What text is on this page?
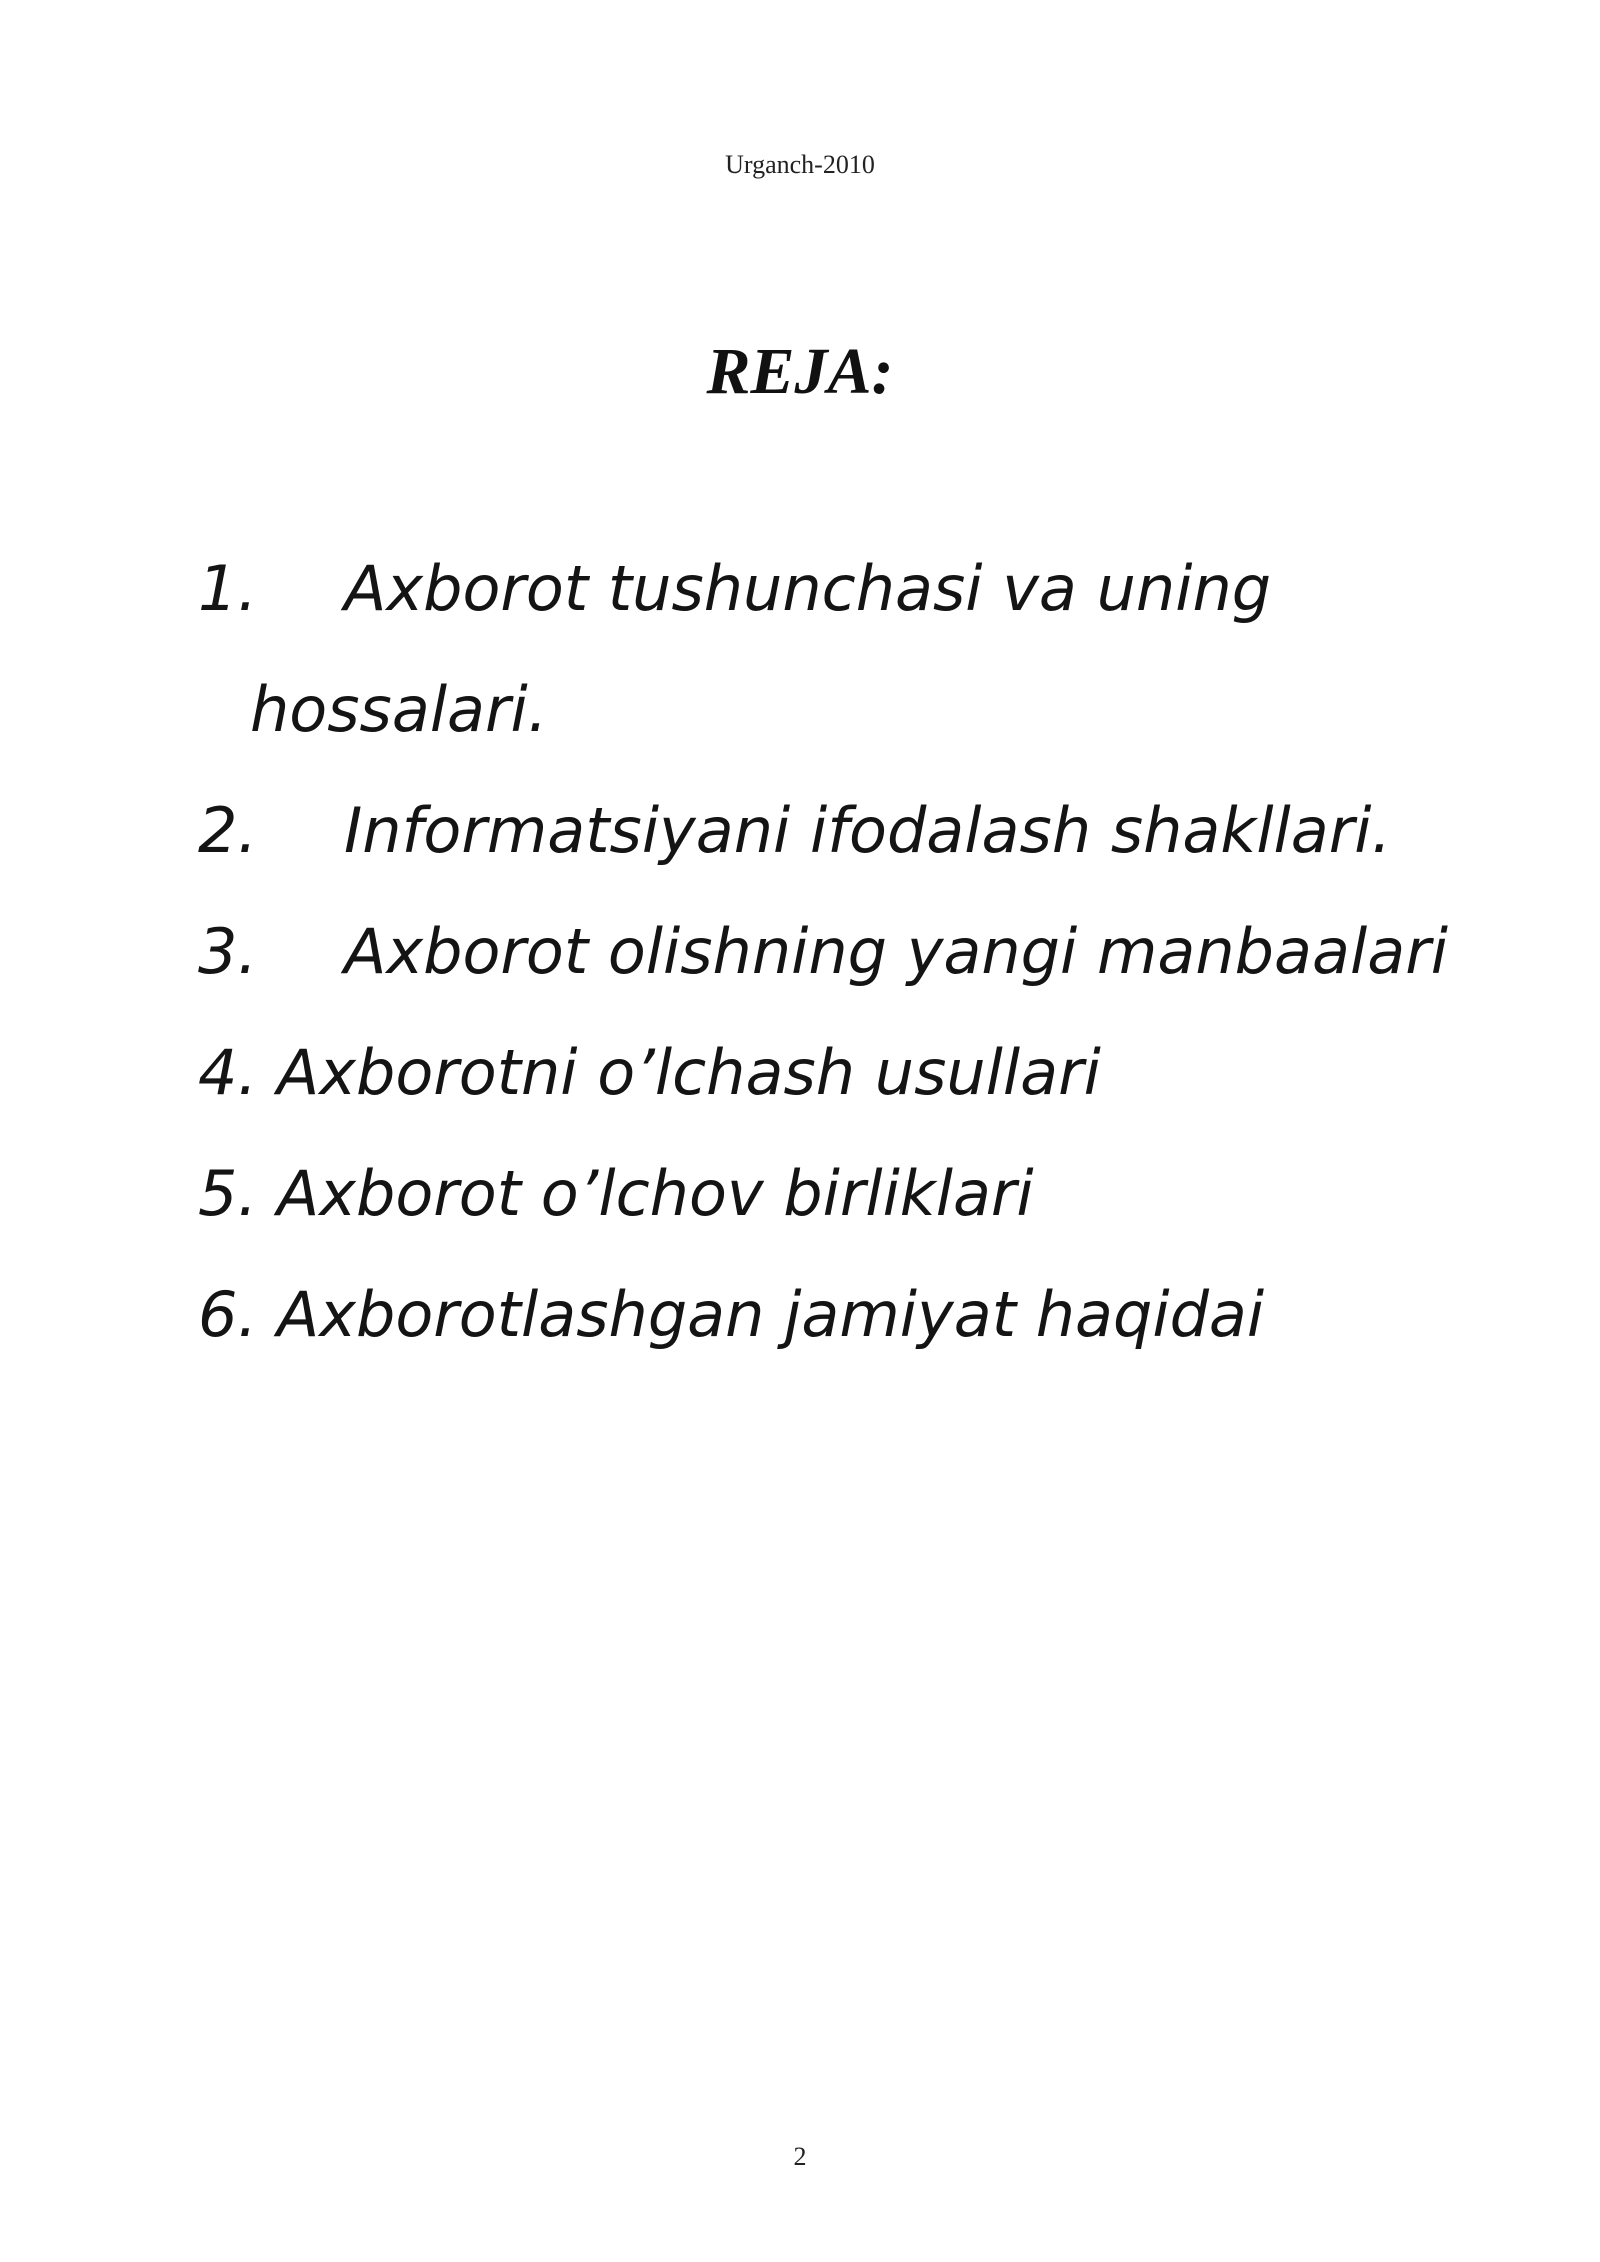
Urganch-2010
REJA:
1. Axborot tushunchasi va uning
hossalari.
2. Informatsiyani ifodalash shakllari.
3. Axborot olishning yangi manbaalari
4. Axborotni o’lchash usullari
5. Axborot o’lchov birliklari
6. Axborotlashgan jamiyat haqidai
2
